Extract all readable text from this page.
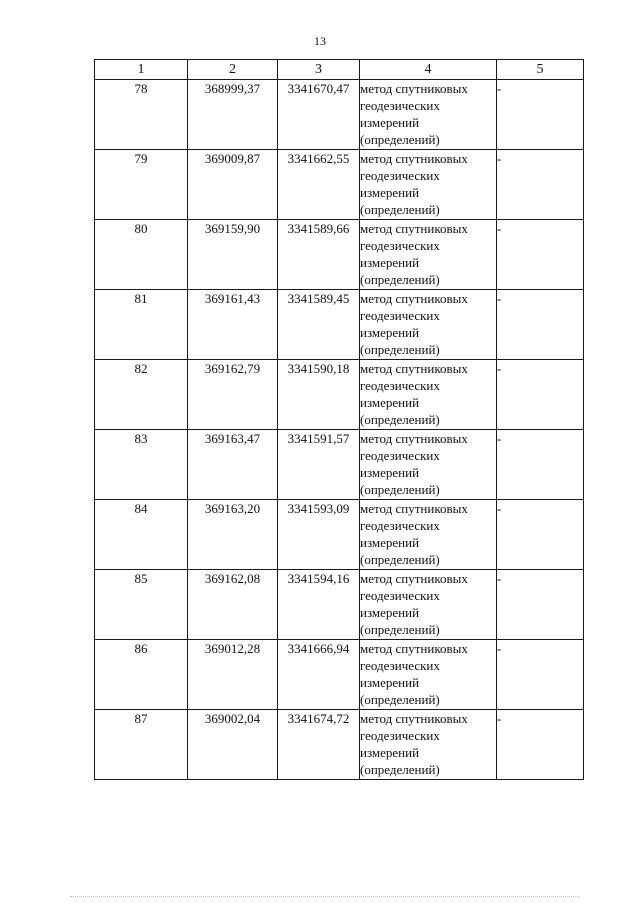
13
1	2	3	4	5
78	368999,37	3341670,47	метод спутниковых геодезических измерений (определений)	-
79	369009,87	3341662,55	метод спутниковых геодезических измерений (определений)	-
80	369159,90	3341589,66	метод спутниковых геодезических измерений (определений)	-
81	369161,43	3341589,45	метод спутниковых геодезических измерений (определений)	-
82	369162,79	3341590,18	метод спутниковых геодезических измерений (определений)	-
83	369163,47	3341591,57	метод спутниковых геодезических измерений (определений)	-
84	369163,20	3341593,09	метод спутниковых геодезических измерений (определений)	-
85	369162,08	3341594,16	метод спутниковых геодезических измерений (определений)	-
86	369012,28	3341666,94	метод спутниковых геодезических измерений (определений)	-
87	369002,04	3341674,72	метод спутниковых геодезических измерений (определений)	-
